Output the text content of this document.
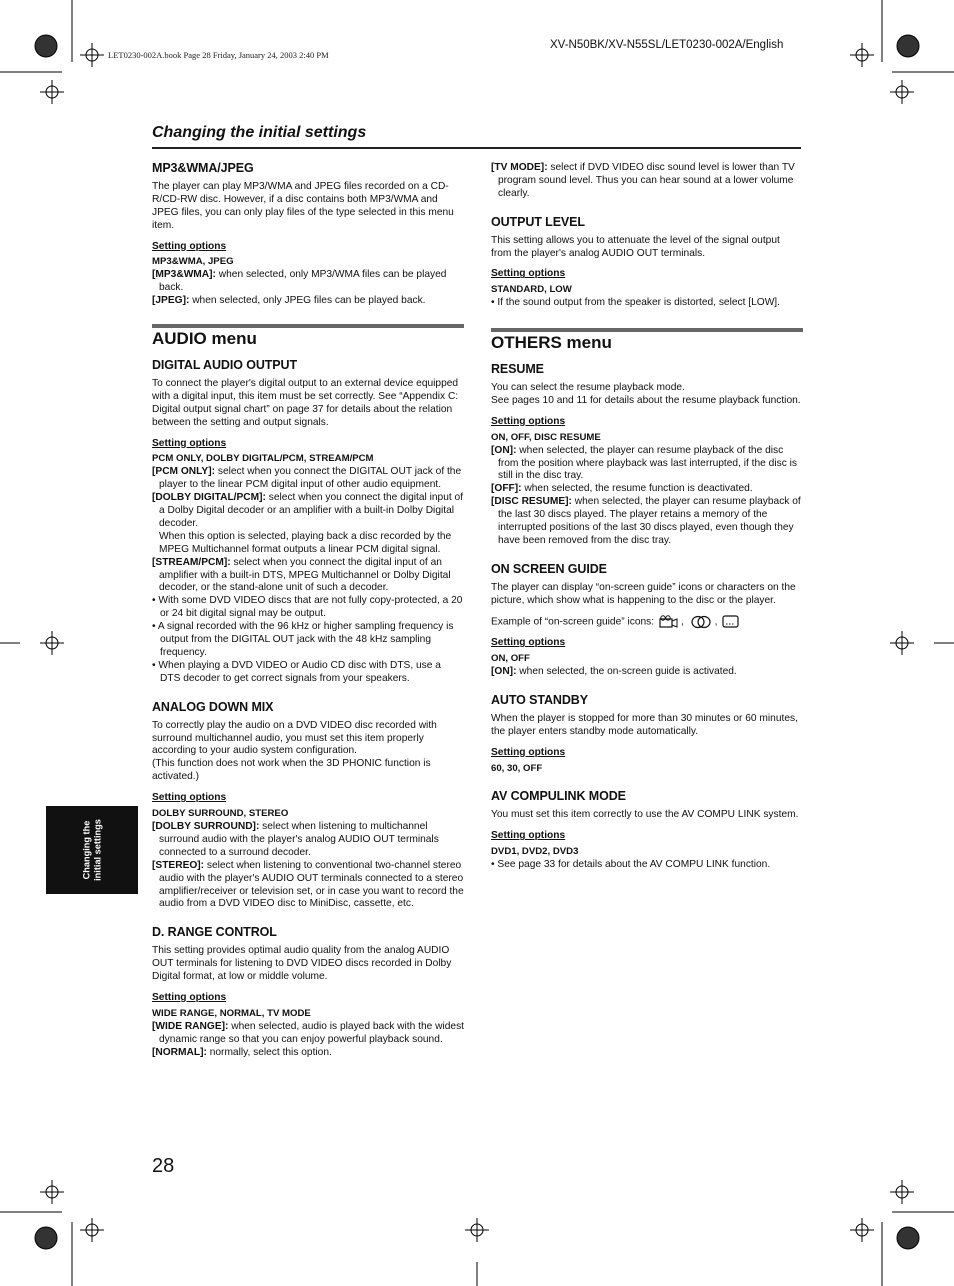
LET0230-002A.book Page 28 Friday, January 24, 2003 2:40 PM
XV-N50BK/XV-N55SL/LET0230-002A/English
Changing the initial settings

MP3&WMA/JPEG

The player can play MP3/WMA and JPEG files recorded on a CD-R/CD-RW disc. However, if a disc contains both MP3/WMA and JPEG files, you can only play files of the type selected in this menu item.

Setting options

MP3&WMA, JPEG

[MP3&WMA]: when selected, only MP3/WMA files can be played back.

[JPEG]: when selected, only JPEG files can be played back.

AUDIO menu

DIGITAL AUDIO OUTPUT

To connect the player's digital output to an external device equipped with a digital input, this item must be set correctly. See “Appendix C: Digital output signal chart” on page 37 for details about the relation between the setting and output signals.

Setting options

PCM ONLY, DOLBY DIGITAL/PCM, STREAM/PCM

[PCM ONLY]: select when you connect the DIGITAL OUT jack of the player to the linear PCM digital input of other audio equipment.

[DOLBY DIGITAL/PCM]: select when you connect the digital input of a Dolby Digital decoder or an amplifier with a built-in Dolby Digital decoder.

When this option is selected, playing back a disc recorded by the MPEG Multichannel format outputs a linear PCM digital signal.

[STREAM/PCM]: select when you connect the digital input of an amplifier with a built-in DTS, MPEG Multichannel or Dolby Digital decoder, or the stand-alone unit of such a decoder.

• With some DVD VIDEO discs that are not fully copy-protected, a 20 or 24 bit digital signal may be output.

• A signal recorded with the 96 kHz or higher sampling frequency is output from the DIGITAL OUT jack with the 48 kHz sampling frequency.

• When playing a DVD VIDEO or Audio CD disc with DTS, use a DTS decoder to get correct signals from your speakers.

ANALOG DOWN MIX

To correctly play the audio on a DVD VIDEO disc recorded with surround multichannel audio, you must set this item properly according to your audio system configuration.

(This function does not work when the 3D PHONIC function is activated.)

Setting options

DOLBY SURROUND, STEREO

[DOLBY SURROUND]: select when listening to multichannel surround audio with the player's analog AUDIO OUT terminals connected to a surround decoder.

[STEREO]: select when listening to conventional two-channel stereo audio with the player's AUDIO OUT terminals connected to a stereo amplifier/receiver or television set, or in case you want to record the audio from a DVD VIDEO disc to MiniDisc, cassette, etc.

D. RANGE CONTROL

This setting provides optimal audio quality from the analog AUDIO OUT terminals for listening to DVD VIDEO discs recorded in Dolby Digital format, at low or middle volume.

Setting options

WIDE RANGE, NORMAL, TV MODE

[WIDE RANGE]: when selected, audio is played back with the widest dynamic range so that you can enjoy powerful playback sound.

[NORMAL]: normally, select this option.

[TV MODE]: select if DVD VIDEO disc sound level is lower than TV program sound level. Thus you can hear sound at a lower volume clearly.

OUTPUT LEVEL

This setting allows you to attenuate the level of the signal output from the player's analog AUDIO OUT terminals.

Setting options

STANDARD, LOW

• If the sound output from the speaker is distorted, select [LOW].

OTHERS menu

RESUME

You can select the resume playback mode.

See pages 10 and 11 for details about the resume playback function.

Setting options

ON, OFF, DISC RESUME

[ON]: when selected, the player can resume playback of the disc from the position where playback was last interrupted, if the disc is still in the disc tray.

[OFF]: when selected, the resume function is deactivated.

[DISC RESUME]: when selected, the player can resume playback of the last 30 discs played. The player retains a memory of the interrupted positions of the last 30 discs played, even though they have been removed from the disc tray.

ON SCREEN GUIDE

The player can display “on-screen guide” icons or characters on the picture, which show what is happening to the disc or the player.

Example of “on-screen guide” icons:	,	,

Setting options

ON, OFF

[ON]: when selected, the on-screen guide is activated.

AUTO STANDBY

When the player is stopped for more than 30 minutes or 60 minutes, the player enters standby mode automatically.

Setting options

60, 30, OFF

AV COMPULINK MODE

You must set this item correctly to use the AV COMPU LINK system.

Setting options

DVD1, DVD2, DVD3

• See page 33 for details about the AV COMPU LINK function.

Changing the initial settings
28
